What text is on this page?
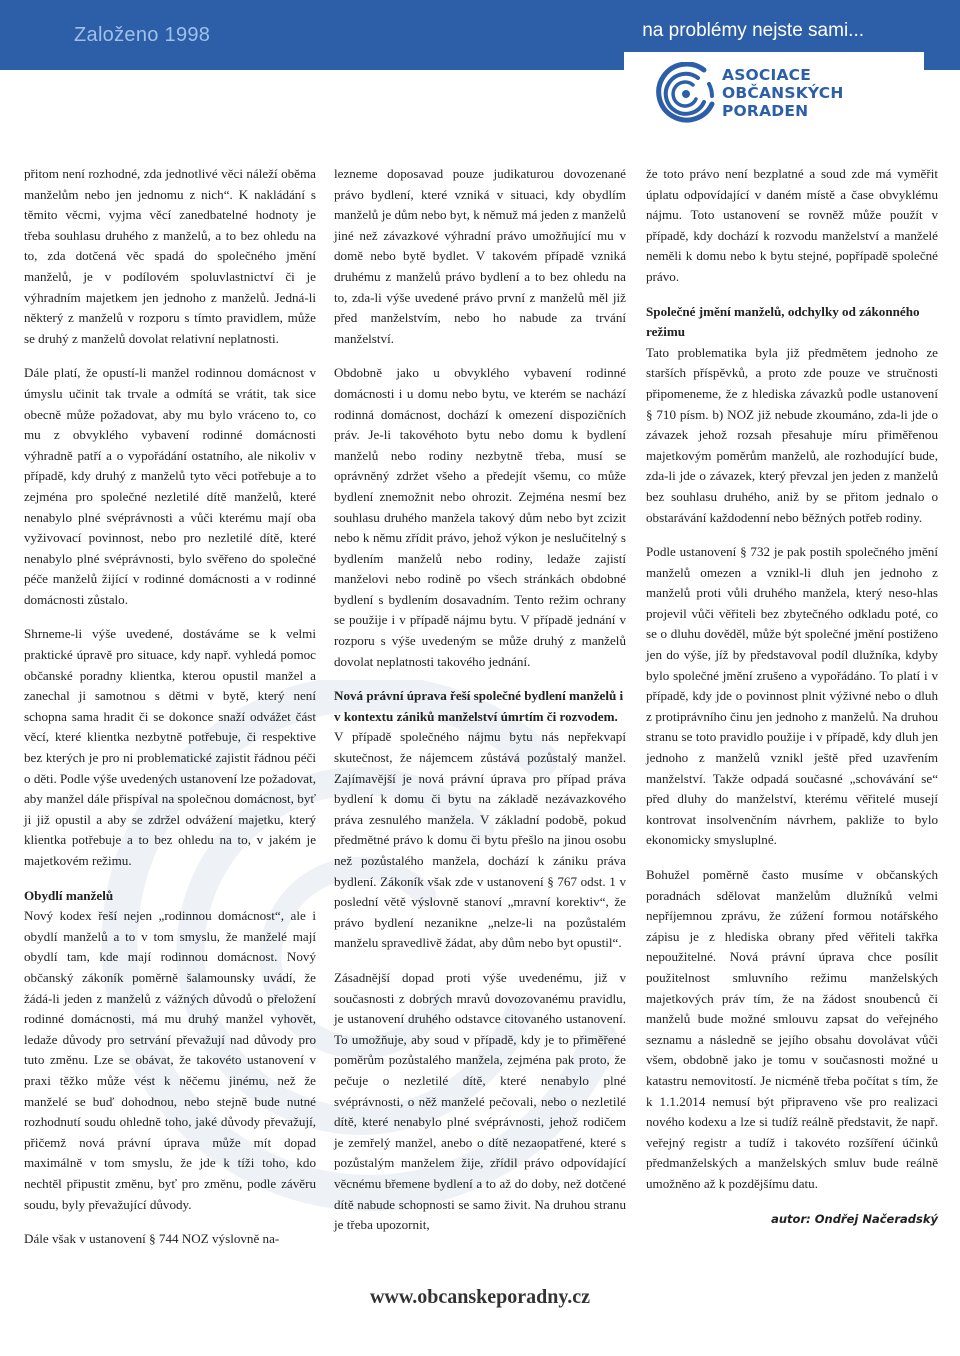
Založeno 1998	na problémy nejste sami...
ASOCIACE
OBČANSKÝCH
PORADEN

přitom není rozhodné, zda jednotlivé věci náleží oběma manželům nebo jen jednomu z nich“. K nakládání s těmito věcmi, vyjma věcí zanedbatelné hodnoty je třeba souhlasu druhého z manželů, a to bez ohledu na to, zda dotčená věc spadá do společného jmění manželů, je v podílovém spoluvlastnictví či je výhradním majetkem jen jednoho z manželů. Jedná-li některý z manželů v rozporu s tímto pravidlem, může se druhý z manželů dovolat relativní neplatnosti.

Dále platí, že opustí-li manžel rodinnou domácnost v úmyslu učinit tak trvale a odmítá se vrátit, tak sice obecně může požadovat, aby mu bylo vráceno to, co mu z obvyklého vybavení rodinné domácnosti výhradně patří a o vypořádání ostatního, ale nikoliv v případě, kdy druhý z manželů tyto věci potřebuje a to zejména pro společné nezletilé dítě manželů, které nenabylo plné svéprávnosti a vůči kterému mají oba vyživovací povinnost, nebo pro nezletilé dítě, které nenabylo plné svéprávnosti, bylo svěřeno do společné péče manželů žijící v rodinné domácnosti a v rodinné domácnosti zůstalo.

Shrneme-li výše uvedené, dostáváme se k velmi praktické úpravě pro situace, kdy např. vyhledá pomoc občanské poradny klientka, kterou opustil manžel a zanechal ji samotnou s dětmi v bytě, který není schopna sama hradit či se dokonce snaží odvážet část věcí, které klientka nezbytně potřebuje, či respektive bez kterých je pro ni problematické zajistit řádnou péči o děti. Podle výše uvedených ustanovení lze požadovat, aby manžel dále přispíval na společnou domácnost, byť ji již opustil a aby se zdržel odvážení majetku, který klientka potřebuje a to bez ohledu na to, v jakém je majetkovém režimu.

Obydlí manželů

Nový kodex řeší nejen „rodinnou domácnost“, ale i obydlí manželů a to v tom smyslu, že manželé mají obydlí tam, kde mají rodinnou domácnost. Nový občanský zákoník poměrně šalamounsky uvádí, že žádá-li jeden z manželů z vážných důvodů o přeložení rodinné domácnosti, má mu druhý manžel vyhovět, ledaže důvody pro setrvání převažují nad důvody pro tuto změnu. Lze se obávat, že takovéto ustanovení v praxi těžko může vést k něčemu jinému, než že manželé se buď dohodnou, nebo stejně bude nutné rozhodnutí soudu ohledně toho, jaké důvody převažují, přičemž nová právní úprava může mít dopad maximálně v tom smyslu, že jde k tíži toho, kdo nechtěl připustit změnu, byť pro změnu, podle závěru soudu, byly převažující důvody.

Dále však v ustanovení § 744 NOZ výslovně na-

lezneme doposavad pouze judikaturou dovozenané právo bydlení, které vzniká v situaci, kdy obydlím manželů je dům nebo byt, k němuž má jeden z manželů jiné než závazkové výhradní právo umožňující mu v domě nebo bytě bydlet. V takovém případě vzniká druhému z manželů právo bydlení a to bez ohledu na to, zda-li výše uvedené právo první z manželů měl již před manželstvím, nebo ho nabude za trvání manželství.

Obdobně jako u obvyklého vybavení rodinné domácnosti i u domu nebo bytu, ve kterém se nachází rodinná domácnost, dochází k omezení dispozičních práv. Je-li takovéhoto bytu nebo domu k bydlení manželů nebo rodiny nezbytně třeba, musí se oprávněný zdržet všeho a předejít všemu, co může bydlení znemožnit nebo ohrozit. Zejména nesmí bez souhlasu druhého manžela takový dům nebo byt zcizit nebo k němu zřídit právo, jehož výkon je neslučitelný s bydlením manželů nebo rodiny, ledaže zajistí manželovi nebo rodině po všech stránkách obdobné bydlení s bydlením dosavadním. Tento režim ochrany se použije i v případě nájmu bytu. V případě jednání v rozporu s výše uvedeným se může druhý z manželů dovolat neplatnosti takového jednání.

Nová právní úprava řeší společné bydlení manželů i v kontextu zániků manželství úmrtím či rozvodem.

V případě společného nájmu bytu nás nepřekvapí skutečnost, že nájemcem zůstává pozůstalý manžel. Zajímavější je nová právní úprava pro případ práva bydlení k domu či bytu na základě nezávazkového práva zesnulého manžela. V základní podobě, pokud předmětné právo k domu či bytu přešlo na jinou osobu než pozůstalého manžela, dochází k zániku práva bydlení. Zákoník však zde v ustanovení § 767 odst. 1 v poslední větě výslovně stanoví „mravní korektiv“, že právo bydlení nezanikne „nelze-li na pozůstalém manželu spravedlivě žádat, aby dům nebo byt opustil“.

Zásadnější dopad proti výše uvedenému, již v současnosti z dobrých mravů dovozovanému pravidlu, je ustanovení druhého odstavce citovaného ustanovení. To umožňuje, aby soud v případě, kdy je to přiměřené poměrům pozůstalého manžela, zejména pak proto, že pečuje o nezletilé dítě, které nenabylo plné svéprávnosti, o něž manželé pečovali, nebo o nezletilé dítě, které nenabylo plné svéprávnosti, jehož rodičem je zemřelý manžel, anebo o dítě nezaopatřené, které s pozůstalým manželem žije, zřídil právo odpovídající věcnému břemene bydlení a to až do doby, než dotčené dítě nabude schopnosti se samo živit. Na druhou stranu je třeba upozornit,

že toto právo není bezplatné a soud zde má vyměřit úplatu odpovídající v daném místě a čase obvyklému nájmu. Toto ustanovení se rovněž může použít v případě, kdy dochází k rozvodu manželství a manželé neměli k domu nebo k bytu stejné, popřípadě společné právo.

Společné jmění manželů, odchylky od zákonného režimu

Tato problematika byla již předmětem jednoho ze starších příspěvků, a proto zde pouze ve stručnosti připomeneme, že z hlediska závazků podle ustanovení § 710 písm. b) NOZ již nebude zkoumáno, zda-li jde o závazek jehož rozsah přesahuje míru přiměřenou majetkovým poměrům manželů, ale rozhodující bude, zda-li jde o závazek, který převzal jen jeden z manželů bez souhlasu druhého, aniž by se přitom jednalo o obstarávání každodenní nebo běžných potřeb rodiny.

Podle ustanovení § 732 je pak postih společného jmění manželů omezen a vznikl-li dluh jen jednoho z manželů proti vůli druhého manžela, který neso-hlas projevil vůči věřiteli bez zbytečného odkladu poté, co se o dluhu dověděl, může být společné jmění postiženo jen do výše, jíž by představoval podíl dlužníka, kdyby bylo společné jmění zrušeno a vypořádáno. To platí i v případě, kdy jde o povinnost plnit výživné nebo o dluh z protiprávního činu jen jednoho z manželů. Na druhou stranu se toto pravidlo použije i v případě, kdy dluh jen jednoho z manželů vznikl ještě před uzavřením manželství. Takže odpadá současné „schovávání se“ před dluhy do manželství, kterému věřitelé musejí kontrovat insolvenčním návrhem, pakliže to bylo ekonomicky smysluplné.

Bohužel poměrně často musíme v občanských poradnách sdělovat manželům dlužníků velmi nepříjemnou zprávu, že zúžení formou notářského zápisu je z hlediska obrany před věřiteli takřka nepoužitelné. Nová právní úprava chce posílit použitelnost smluvního režimu manželských majetkových práv tím, že na žádost snoubenců či manželů bude možné smlouvu zapsat do veřejného seznamu a následně se jejího obsahu dovolávat vůči všem, obdobně jako je tomu v současnosti možné u katastru nemovitostí. Je nicméně třeba počítat s tím, že k 1.1.2014 nemusí být připraveno vše pro realizaci nového kodexu a lze si tudíž reálně představit, že např. veřejný registr a tudíž i takovéto rozšíření účinků předmanželských a manželských smluv bude reálně umožněno až k pozdějšímu datu.

autor: Ondřej Načeradský
www.obcanskeporadny.cz
